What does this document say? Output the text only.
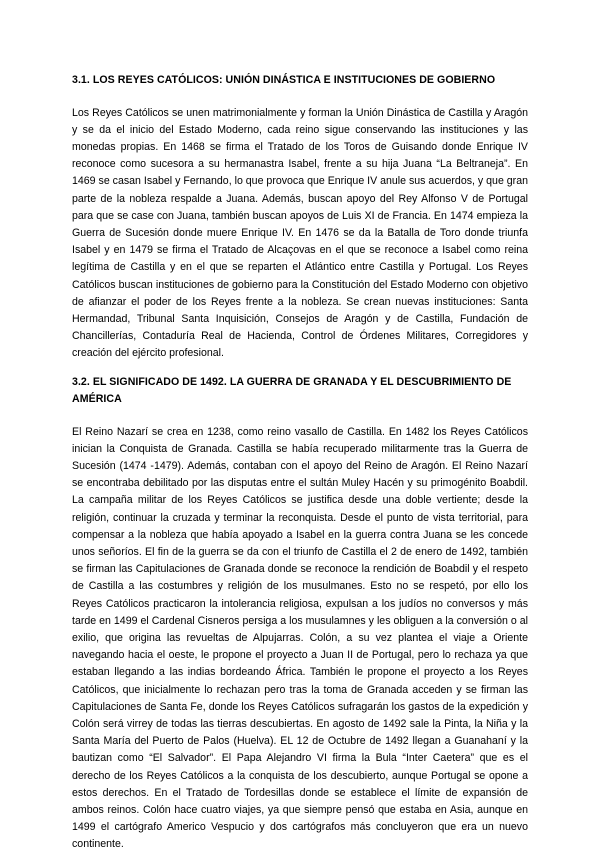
3.1. LOS REYES CATÓLICOS: UNIÓN DINÁSTICA E INSTITUCIONES DE GOBIERNO

Los Reyes Católicos se unen matrimonialmente y forman la Unión Dinástica de Castilla y Aragón y se da el inicio del Estado Moderno, cada reino sigue conservando las instituciones y las monedas propias. En 1468 se firma el Tratado de los Toros de Guisando donde Enrique IV reconoce como sucesora a su hermanastra Isabel, frente a su hija Juana “La Beltraneja”. En 1469 se casan Isabel y Fernando, lo que provoca que Enrique IV anule sus acuerdos, y que gran parte de la nobleza respalde a Juana. Además, buscan apoyo del Rey Alfonso V de Portugal para que se case con Juana, también buscan apoyos de Luis XI de Francia. En 1474 empieza la Guerra de Sucesión donde muere Enrique IV. En 1476 se da la Batalla de Toro donde triunfa Isabel y en 1479 se firma el Tratado de Alcaçovas en el que se reconoce a Isabel como reina legítima de Castilla y en el que se reparten el Atlántico entre Castilla y Portugal. Los Reyes Católicos buscan instituciones de gobierno para la Constitución del Estado Moderno con objetivo de afianzar el poder de los Reyes frente a la nobleza. Se crean nuevas instituciones: Santa Hermandad, Tribunal Santa Inquisición, Consejos de Aragón y de Castilla, Fundación de Chancillerías, Contaduría Real de Hacienda, Control de Órdenes Militares, Corregidores y creación del ejército profesional.

3.2. EL SIGNIFICADO DE 1492. LA GUERRA DE GRANADA Y EL DESCUBRIMIENTO DE AMÉRICA

El Reino Nazarí se crea en 1238, como reino vasallo de Castilla. En 1482 los Reyes Católicos inician la Conquista de Granada. Castilla se había recuperado militarmente tras la Guerra de Sucesión (1474 -1479). Además, contaban con el apoyo del Reino de Aragón. El Reino Nazarí se encontraba debilitado por las disputas entre el sultán Muley Hacén y su primogénito Boabdil. La campaña militar de los Reyes Católicos se justifica desde una doble vertiente; desde la religión, continuar la cruzada y terminar la reconquista. Desde el punto de vista territorial, para compensar a la nobleza que había apoyado a Isabel en la guerra contra Juana se les concede unos señoríos. El fin de la guerra se da con el triunfo de Castilla el 2 de enero de 1492, también se firman las Capitulaciones de Granada donde se reconoce la rendición de Boabdil y el respeto de Castilla a las costumbres y religión de los musulmanes. Esto no se respetó, por ello los Reyes Católicos practicaron la intolerancia religiosa, expulsan a los judíos no conversos y más tarde en 1499 el Cardenal Cisneros persiga a los musulamnes y les obliguen a la conversión o al exilio, que origina las revueltas de Alpujarras. Colón, a su vez plantea el viaje a Oriente navegando hacia el oeste, le propone el proyecto a Juan II de Portugal, pero lo rechaza ya que estaban llegando a las indias bordeando África. También le propone el proyecto a los Reyes Católicos, que inicialmente lo rechazan pero tras la toma de Granada acceden y se firman las Capitulaciones de Santa Fe, donde los Reyes Católicos sufragarán los gastos de la expedición y Colón será virrey de todas las tierras descubiertas. En agosto de 1492 sale la Pinta, la Niña y la Santa María del Puerto de Palos (Huelva). EL 12 de Octubre de 1492 llegan a Guanahaní y la bautizan como “El Salvador”. El Papa Alejandro VI firma la Bula “Inter Caetera” que es el derecho de los Reyes Católicos a la conquista de los descubierto, aunque Portugal se opone a estos derechos. En el Tratado de Tordesillas donde se establece el límite de expansión de ambos reinos. Colón hace cuatro viajes, ya que siempre pensó que estaba en Asia, aunque en 1499 el cartógrafo Americo Vespucio y dos cartógrafos más concluyeron que era un nuevo continente.
